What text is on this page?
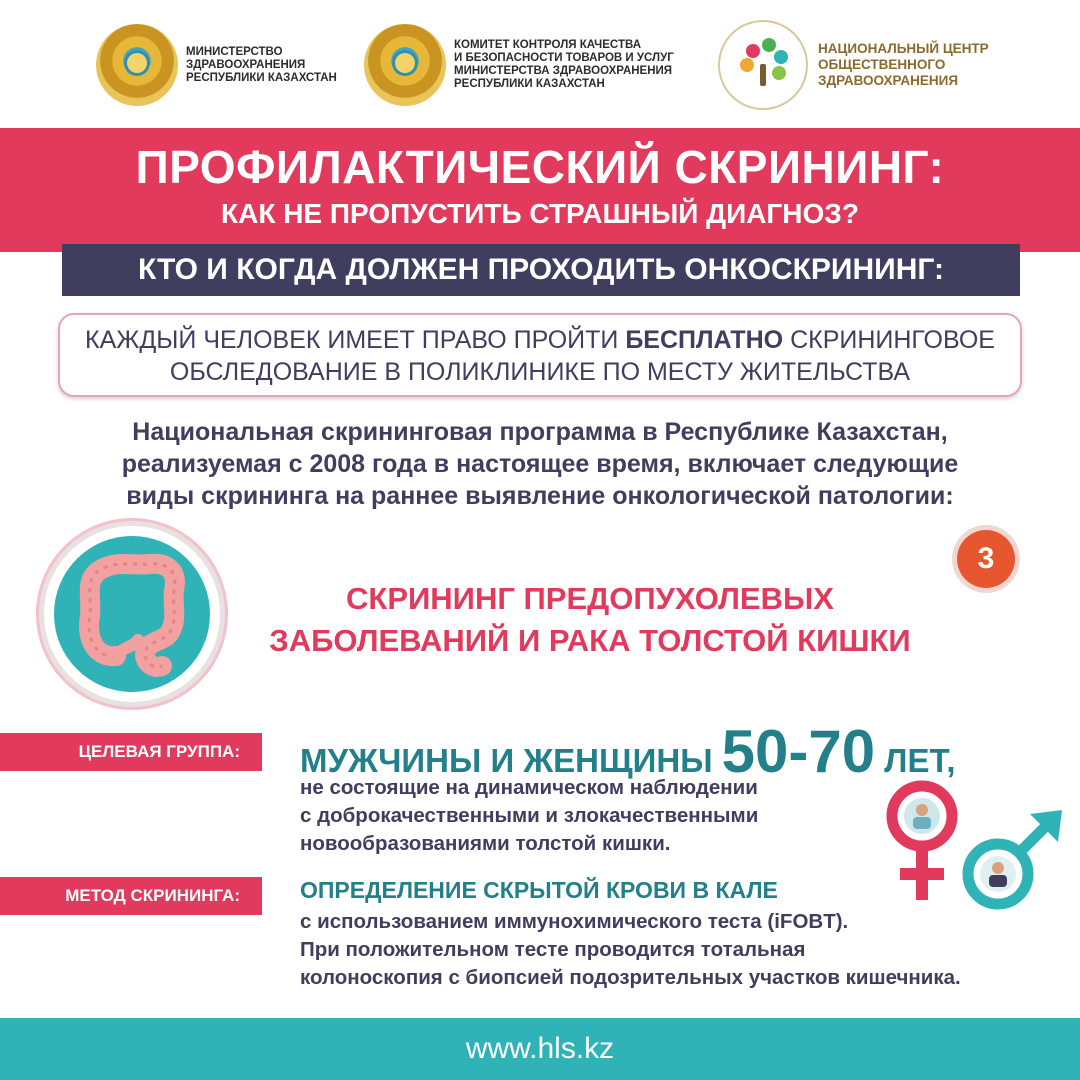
МИНИСТЕРСТВО
ЗДРАВООХРАНЕНИЯ
РЕСПУБЛИКИ КАЗАХСТАН
КОМИТЕТ КОНТРОЛЯ КАЧЕСТВА
И БЕЗОПАСНОСТИ ТОВАРОВ И УСЛУГ
МИНИСТЕРСТВА ЗДРАВООХРАНЕНИЯ
РЕСПУБЛИКИ КАЗАХСТАН
НАЦИОНАЛЬНЫЙ ЦЕНТР
ОБЩЕСТВЕННОГО
ЗДРАВООХРАНЕНИЯ
ПРОФИЛАКТИЧЕСКИЙ СКРИНИНГ:
КАК НЕ ПРОПУСТИТЬ СТРАШНЫЙ ДИАГНОЗ?
КТО И КОГДА ДОЛЖЕН ПРОХОДИТЬ ОНКОСКРИНИНГ:
КАЖДЫЙ ЧЕЛОВЕК ИМЕЕТ ПРАВО ПРОЙТИ БЕСПЛАТНО СКРИНИНГОВОЕ
ОБСЛЕДОВАНИЕ В ПОЛИКЛИНИКЕ ПО МЕСТУ ЖИТЕЛЬСТВА
Национальная скрининговая программа в Республике Казахстан,
реализуемая с 2008 года в настоящее время, включает следующие
виды скрининга на раннее выявление онкологической патологии:
3
СКРИНИНГ ПРЕДОПУХОЛЕВЫХ
ЗАБОЛЕВАНИЙ И РАКА ТОЛСТОЙ КИШКИ
ЦЕЛЕВАЯ ГРУППА:	МУЖЧИНЫ И ЖЕНЩИНЫ 50-70 ЛЕТ,
не состоящие на динамическом наблюдении
с доброкачественными и злокачественными
новообразованиями толстой кишки.
МЕТОД СКРИНИНГА:	ОПРЕДЕЛЕНИЕ СКРЫТОЙ КРОВИ В КАЛЕ
с использованием иммунохимического теста (iFOBT).
При положительном тесте проводится тотальная
колоноскопия с биопсией подозрительных участков кишечника.
www.hls.kz
